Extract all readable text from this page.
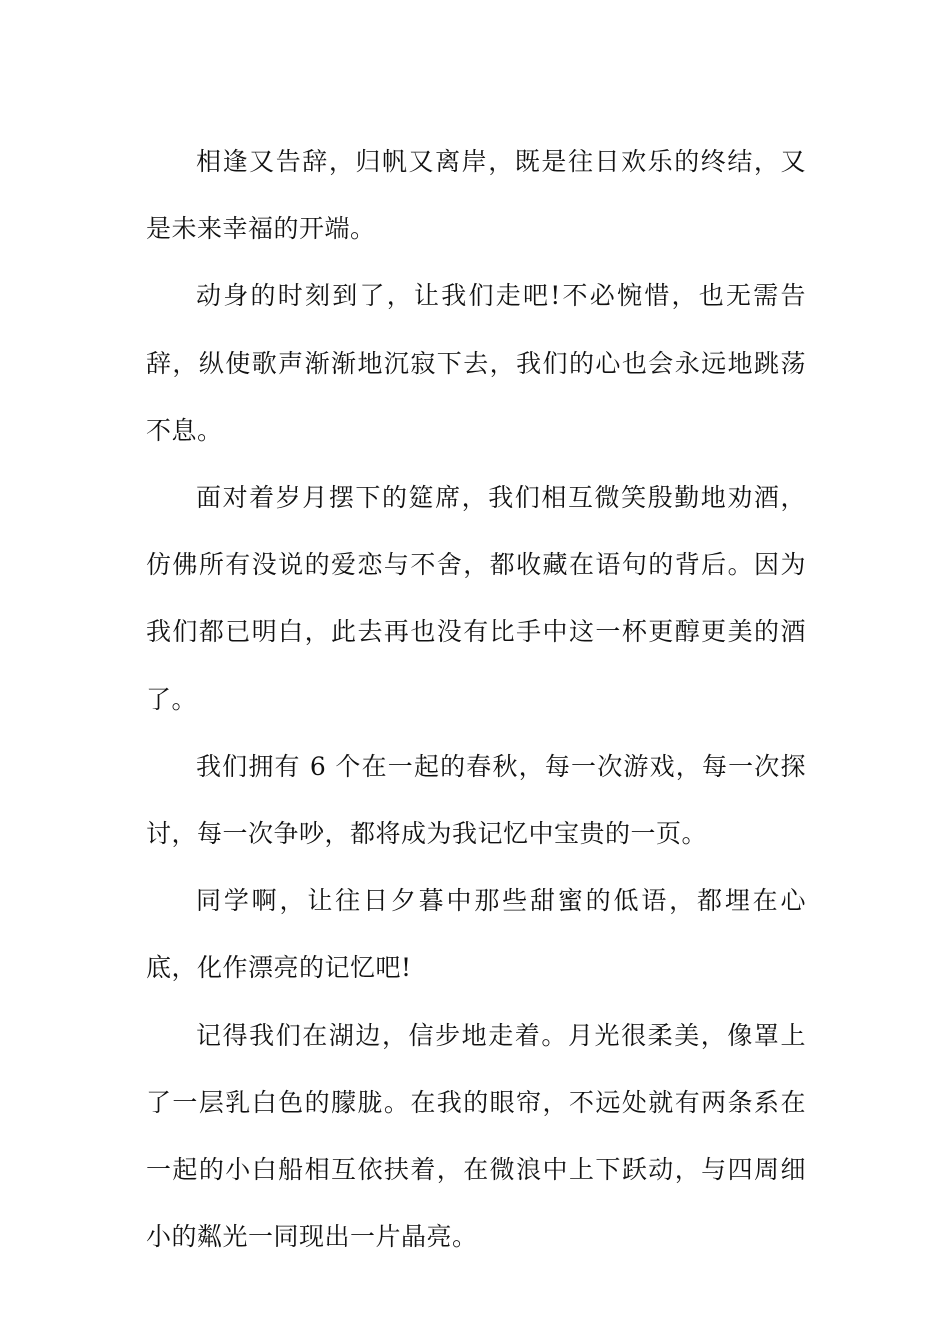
相逢又告辞，归帆又离岸，既是往日欢乐的终结，又是未来幸福的开端。

动身的时刻到了，让我们走吧!不必惋惜，也无需告辞，纵使歌声渐渐地沉寂下去，我们的心也会永远地跳荡不息。

面对着岁月摆下的筵席，我们相互微笑殷勤地劝酒，仿佛所有没说的爱恋与不舍，都收藏在语句的背后。因为我们都已明白，此去再也没有比手中这一杯更醇更美的酒了。

我们拥有 6 个在一起的春秋，每一次游戏，每一次探讨，每一次争吵，都将成为我记忆中宝贵的一页。

同学啊，让往日夕暮中那些甜蜜的低语，都埋在心底，化作漂亮的记忆吧!

记得我们在湖边，信步地走着。月光很柔美，像罩上了一层乳白色的朦胧。在我的眼帘，不远处就有两条系在一起的小白船相互依扶着，在微浪中上下跃动，与四周细小的粼光一同现出一片晶亮。
